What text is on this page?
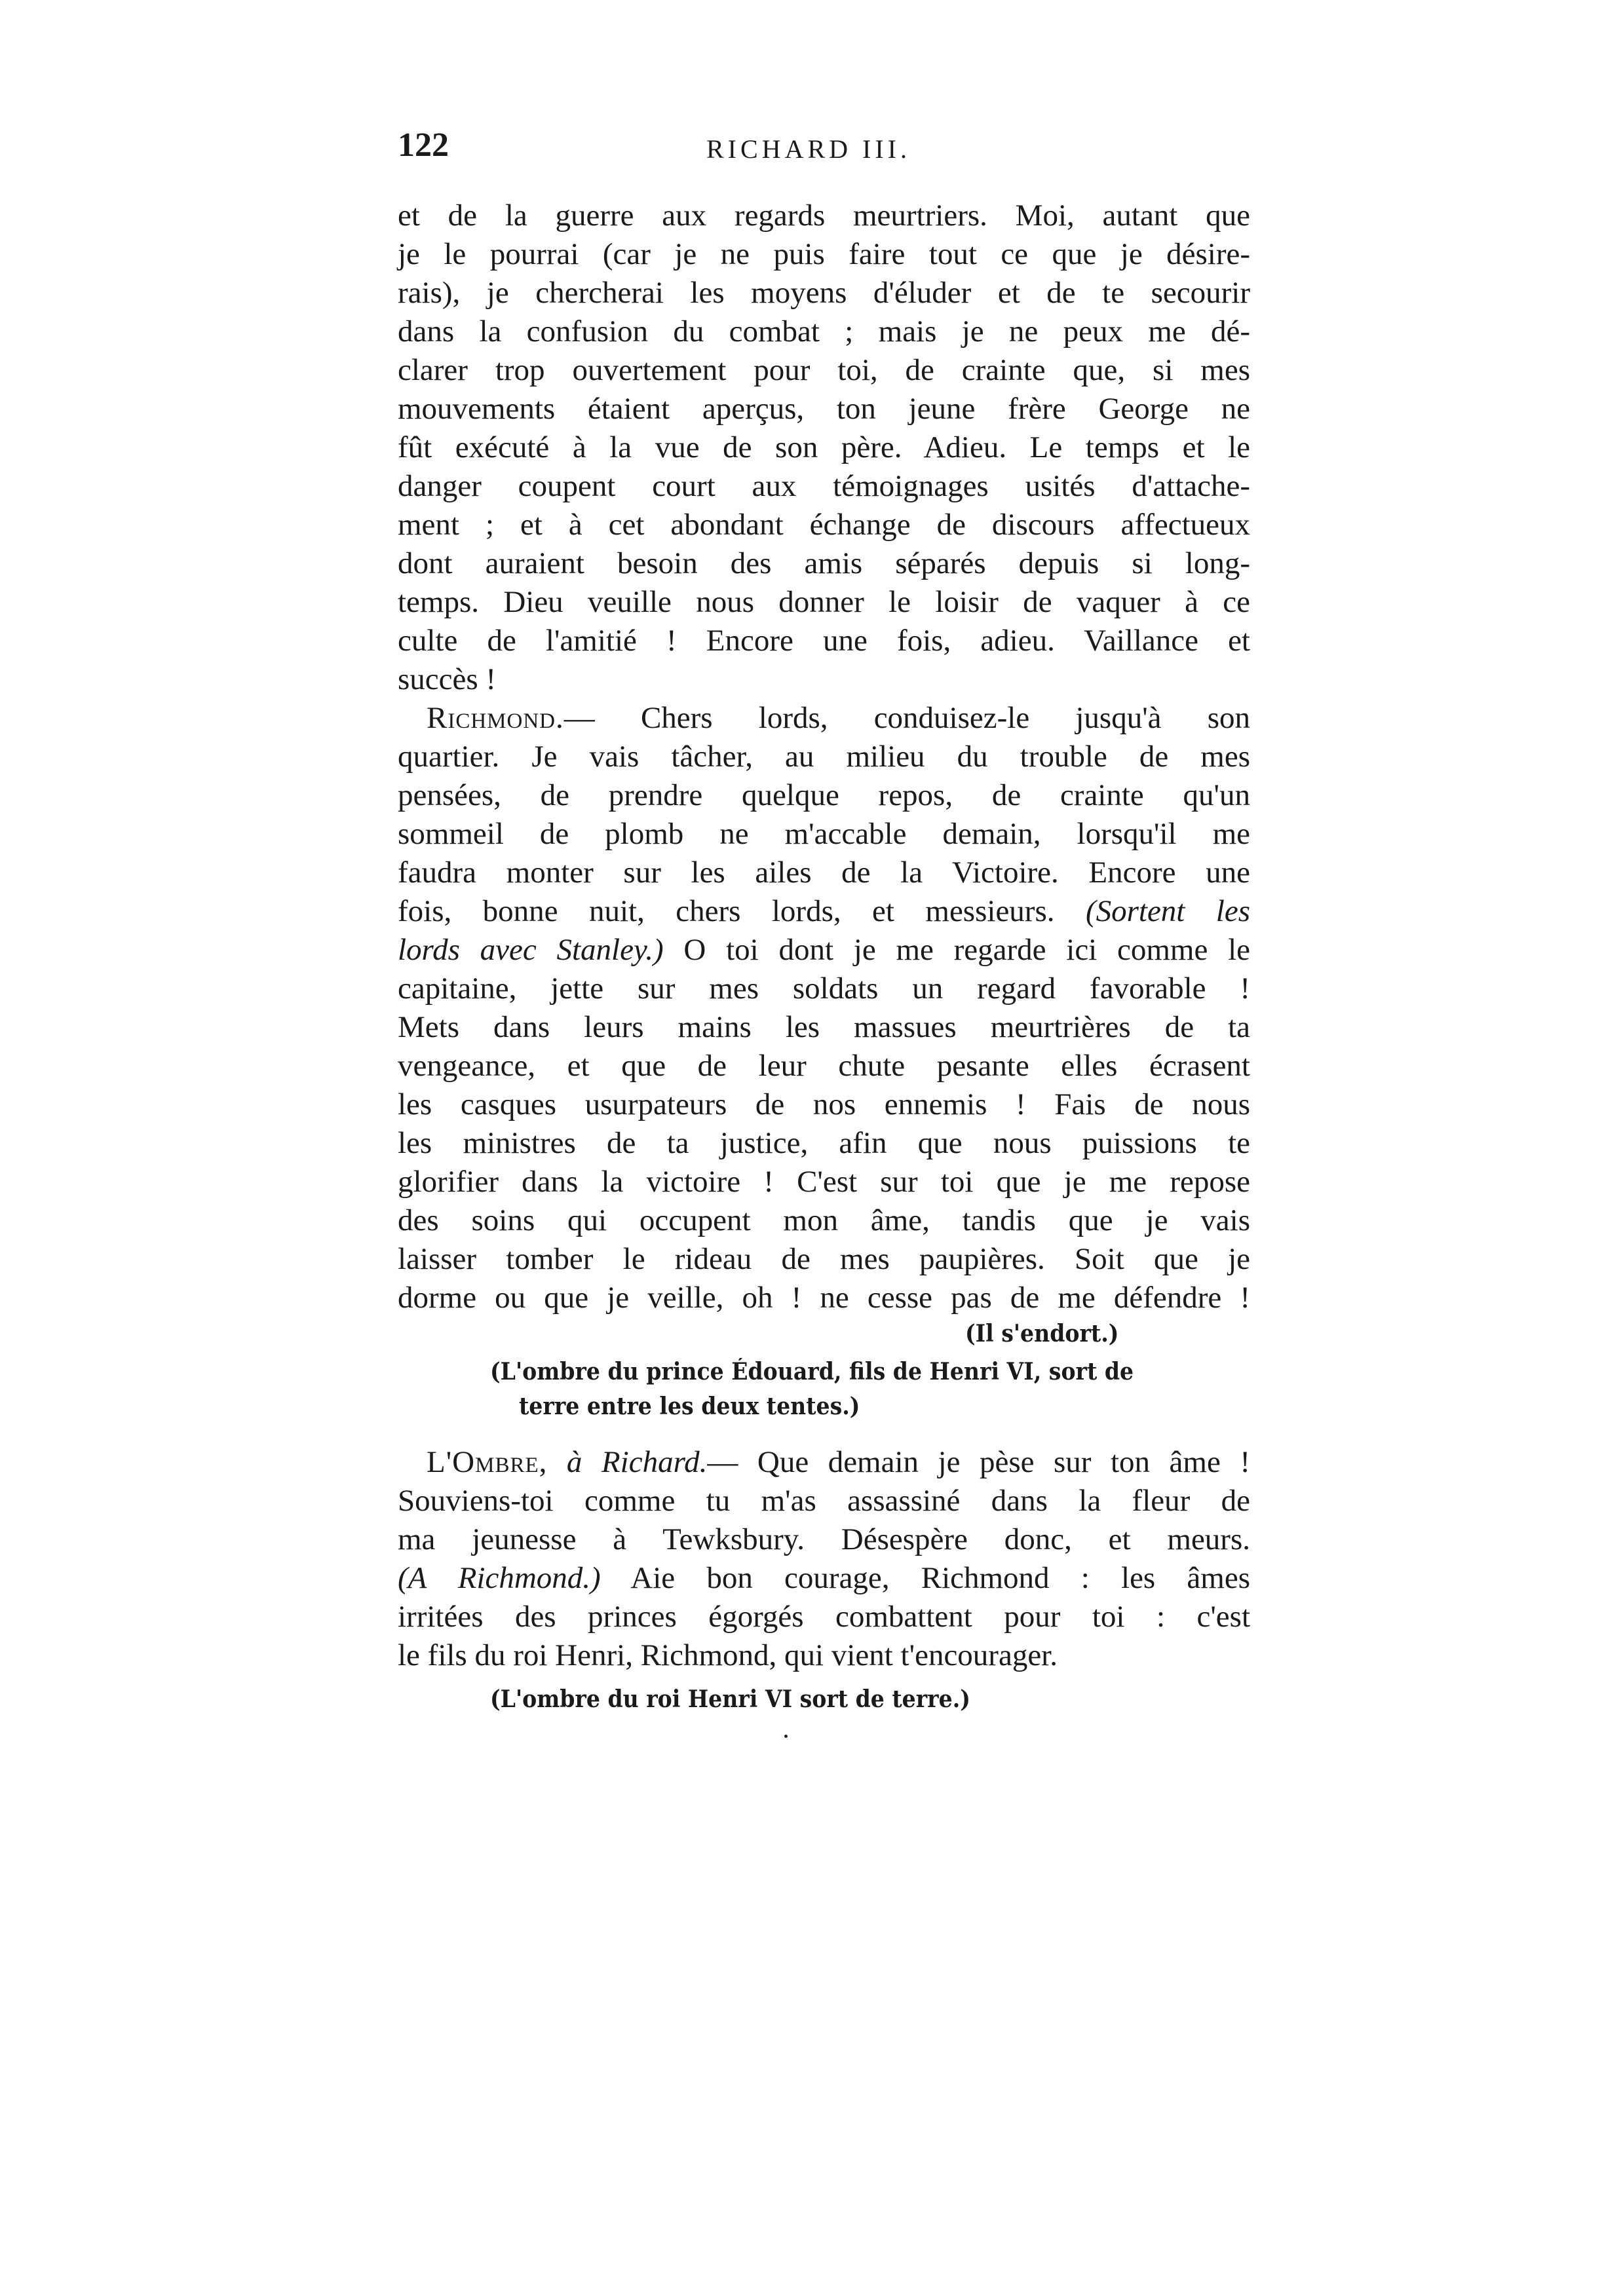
122	RICHARD III.
et de la guerre aux regards meurtriers. Moi, autant que
je le pourrai (car je ne puis faire tout ce que je désire-
rais), je chercherai les moyens d'éluder et de te secourir
dans la confusion du combat ; mais je ne peux me dé-
clarer trop ouvertement pour toi, de crainte que, si mes
mouvements étaient aperçus, ton jeune frère George ne
fût exécuté à la vue de son père. Adieu. Le temps et le
danger coupent court aux témoignages usités d'attache-
ment ; et à cet abondant échange de discours affectueux
dont auraient besoin des amis séparés depuis si long-
temps. Dieu veuille nous donner le loisir de vaquer à ce
culte de l'amitié ! Encore une fois, adieu. Vaillance et
succès !
Richmond.— Chers lords, conduisez-le jusqu'à son
quartier. Je vais tâcher, au milieu du trouble de mes
pensées, de prendre quelque repos, de crainte qu'un
sommeil de plomb ne m'accable demain, lorsqu'il me
faudra monter sur les ailes de la Victoire. Encore une
fois, bonne nuit, chers lords, et messieurs. (Sortent les
lords avec Stanley.) O toi dont je me regarde ici comme le
capitaine, jette sur mes soldats un regard favorable !
Mets dans leurs mains les massues meurtrières de ta
vengeance, et que de leur chute pesante elles écrasent
les casques usurpateurs de nos ennemis ! Fais de nous
les ministres de ta justice, afin que nous puissions te
glorifier dans la victoire ! C'est sur toi que je me repose
des soins qui occupent mon âme, tandis que je vais
laisser tomber le rideau de mes paupières. Soit que je
dorme ou que je veille, oh ! ne cesse pas de me défendre !
(Il s'endort.)
(L'ombre du prince Édouard, fils de Henri VI, sort de
terre entre les deux tentes.)
L'Ombre, à Richard.— Que demain je pèse sur ton âme !
Souviens-toi comme tu m'as assassiné dans la fleur de
ma jeunesse à Tewksbury. Désespère donc, et meurs.
(A Richmond.) Aie bon courage, Richmond : les âmes
irritées des princes égorgés combattent pour toi : c'est
le fils du roi Henri, Richmond, qui vient t'encourager.
(L'ombre du roi Henri VI sort de terre.)
